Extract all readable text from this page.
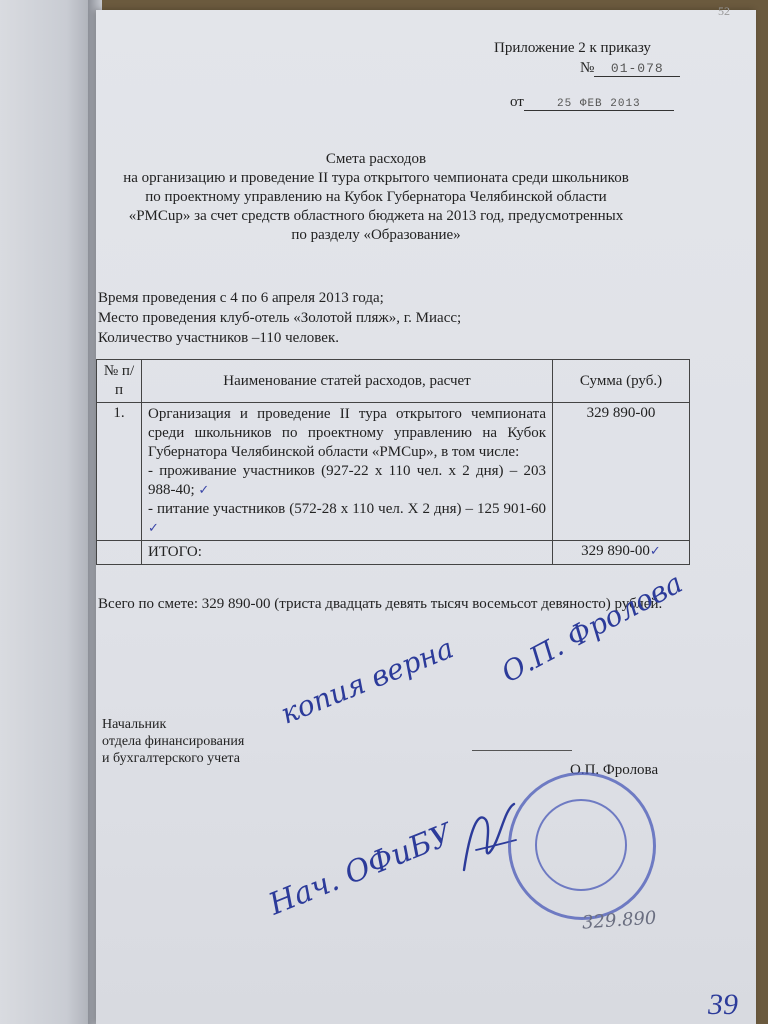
52
Приложение 2 к приказу
№ 01-078
от	25 ФЕВ 2013
Смета расходов
на организацию и проведение II тура открытого чемпионата среди школьников
по проектному управлению на Кубок Губернатора Челябинской области
«PMCup» за счет средств областного бюджета на 2013 год, предусмотренных
по разделу «Образование»
Время проведения с 4 по 6 апреля 2013 года;
Место проведения клуб-отель «Золотой пляж», г. Миасс;
Количество участников –110 человек.
№ п/п	Наименование статей расходов, расчет	Сумма (руб.)
1.	Организация и проведение II тура открытого чемпионата среди школьников по проектному управлению на Кубок Губернатора Челябинской области «PMCup», в том числе:
- проживание участников (927-22 x 110 чел. x 2 дня) – 203 988-40; ✓
- питание участников (572-28 x 110 чел. X 2 дня) – 125 901-60 ✓	329 890-00
	ИТОГО:	329 890-00✓
Всего по смете: 329 890-00 (триста двадцать девять тысяч восемьсот девяносто) рублей.
Начальник
отдела финансирования
и бухгалтерского учета
О.П. Фролова
копия верна О.П. Фролова
Нач. ОФиБУ	329.890
39
